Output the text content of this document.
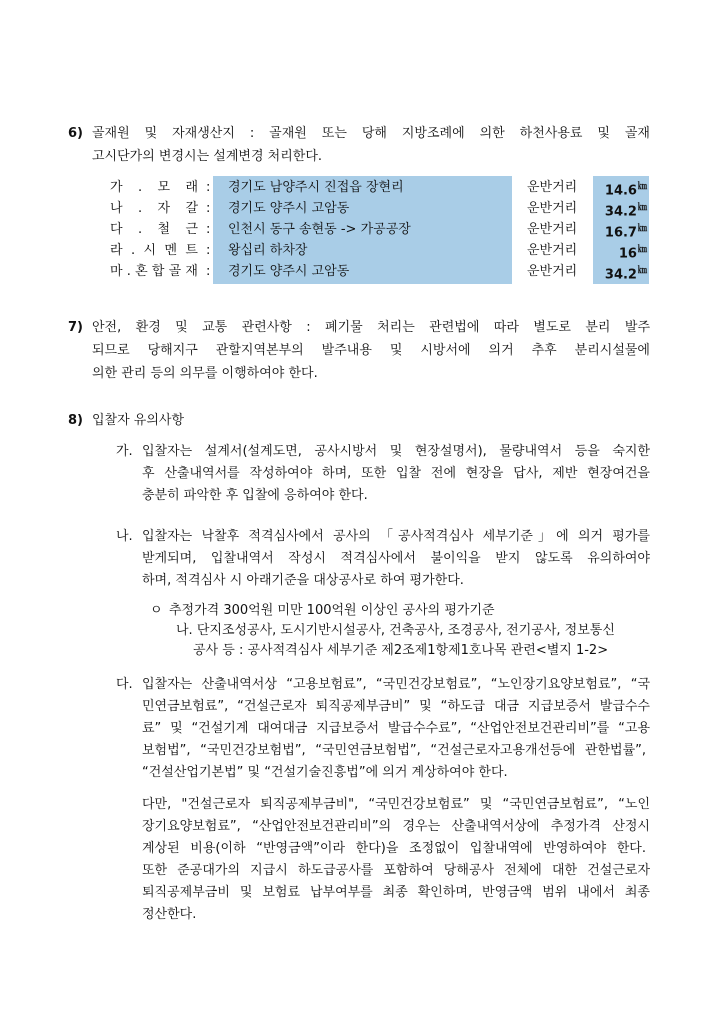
6) 골재원 및 자재생산지 : 골재원 또는 당해 지방조례에 의한 하천사용료 및 골재
고시단가의 변경시는 설계변경 처리한다.
가 . 모 래 : 경기도 남양주시 진접읍 장현리	운반거리 14.6㎞
나 . 자 갈 : 경기도 양주시 고암동	운반거리 34.2㎞
다 . 철 근 : 인천시 동구 송현동 -> 가공공장	운반거리 16.7㎞
라 . 시 멘 트 : 왕십리 하차장	운반거리	16㎞
마 . 혼 합 골 재 : 경기도 양주시 고암동	운반거리 34.2㎞
7) 안전, 환경 및 교통 관련사항 : 폐기물 처리는 관련법에 따라 별도로 분리 발주
되므로 당해지구 관할지역본부의 발주내용 및 시방서에 의거 추후 분리시설물에
의한 관리 등의 의무를 이행하여야 한다.
8) 입찰자 유의사항
가. 입찰자는 설계서(설계도면, 공사시방서 및 현장설명서), 물량내역서 등을 숙지한
후 산출내역서를 작성하여야 하며, 또한 입찰 전에 현장을 답사, 제반 현장여건을
충분히 파악한 후 입찰에 응하여야 한다.
나. 입찰자는 낙찰후 적격심사에서 공사의 「공사적격심사 세부기준」에 의거 평가를
받게되며, 입찰내역서 작성시 적격심사에서 불이익을 받지 않도록 유의하여야
하며, 적격심사 시 아래기준을 대상공사로 하여 평가한다.
ㅇ 추정가격 300억원 미만 100억원 이상인 공사의 평가기준
나. 단지조성공사, 도시기반시설공사, 건축공사, 조경공사, 전기공사, 정보통신
공사 등 : 공사적격심사 세부기준 제2조제1항제1호나목 관련<별지 1-2>
다. 입찰자는 산출내역서상 “고용보험료”, “국민건강보험료”, “노인장기요양보험료”, “국
민연금보험료”, “건설근로자 퇴직공제부금비” 및 “하도급 대금 지급보증서 발급수수
료” 및 “건설기계 대여대금 지급보증서 발급수수료”, “산업안전보건관리비”를 “고용
보험법”, “국민건강보험법”, “국민연금보험법”, “건설근로자고용개선등에 관한법률”,
“건설산업기본법” 및 “건설기술진흥법”에 의거 계상하여야 한다.
다만, "건설근로자 퇴직공제부금비", “국민건강보험료” 및 “국민연금보험료”, “노인
장기요양보험료”, “산업안전보건관리비”의 경우는 산출내역서상에 추정가격 산정시
계상된 비용(이하 “반영금액”이라 한다)을 조정없이 입찰내역에 반영하여야 한다.
또한 준공대가의 지급시 하도급공사를 포함하여 당해공사 전체에 대한 건설근로자
퇴직공제부금비 및 보험료 납부여부를 최종 확인하며, 반영금액 범위 내에서 최종
정산한다.
